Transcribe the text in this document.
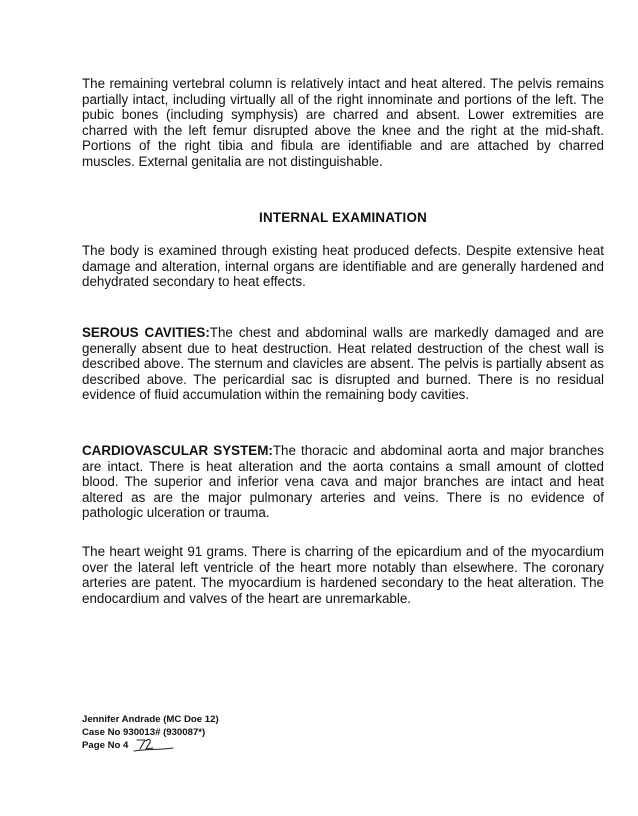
The remaining vertebral column is relatively intact and heat altered. The pelvis remains partially intact, including virtually all of the right innominate and portions of the left. The pubic bones (including symphysis) are charred and absent. Lower extremities are charred with the left femur disrupted above the knee and the right at the mid-shaft. Portions of the right tibia and fibula are identifiable and are attached by charred muscles. External genitalia are not distinguishable.

INTERNAL EXAMINATION

The body is examined through existing heat produced defects. Despite extensive heat damage and alteration, internal organs are identifiable and are generally hardened and dehydrated secondary to heat effects.

SEROUS CAVITIES:The chest and abdominal walls are markedly damaged and are generally absent due to heat destruction. Heat related destruction of the chest wall is described above. The sternum and clavicles are absent. The pelvis is partially absent as described above. The pericardial sac is disrupted and burned. There is no residual evidence of fluid accumulation within the remaining body cavities.

CARDIOVASCULAR SYSTEM:The thoracic and abdominal aorta and major branches are intact. There is heat alteration and the aorta contains a small amount of clotted blood. The superior and inferior vena cava and major branches are intact and heat altered as are the major pulmonary arteries and veins. There is no evidence of pathologic ulceration or trauma.

The heart weight 91 grams. There is charring of the epicardium and of the myocardium over the lateral left ventricle of the heart more notably than elsewhere. The coronary arteries are patent. The myocardium is hardened secondary to the heat alteration. The endocardium and valves of the heart are unremarkable.

Jennifer Andrade (MC Doe 12)
Case No 930013# (930087*)
Page No 4
